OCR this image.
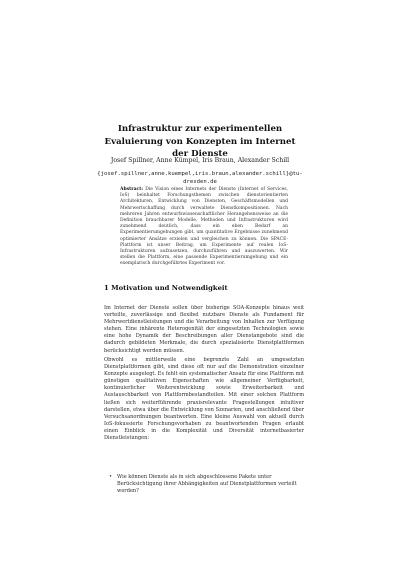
Infrastruktur zur experimentellen Evaluierung von Konzepten im Internet der Dienste
Josef Spillner, Anne Kümpel, Iris Braun, Alexander Schill
{josef.spillner,anne.kuempel,iris.braun,alexander.schill}@tu-dresden.de
Abstract: Die Vision eines Internets der Dienste (Internet of Services, IoS) beinhaltet Forschungsthemen zwischen dienstorientierten Architekturen, Entwicklung von Diensten, Geschäftsmodellen und Mehrwertschaffung durch verwaltete Dienstkompositionen. Nach mehreren Jahren entwurfswissenschaftlicher Herangehensweise an die Definition brauchbarer Modelle, Methoden und Infrastrukturen wird zunehmend deutlich, dass ein eben Bedarf an Experimentierumgebungen gibt, um quantitative Ergebnisse zunehmend optimierter Ansätze erzielen und vergleichen zu können. Die SPACE-Plattform ist unser Beitrag, um Experimente auf realen IoS-Infrastrukturen aufzusetzen, durchzuführen und auszuwerten. Wir stellen die Plattform, eine passende Experimentierumgebung und ein exemplarisch durchgeführtes Experiment vor.
1 Motivation und Notwendigkeit
Im Internet der Dienste sollen über bisherige SOA-Konzepte hinaus weit verteilte, zuverlässige und flexibel nutzbare Dienste als Fundament für Mehrwertdienstleistungen und die Verarbeitung von Inhalten zur Verfügung stehen. Eine inhärente Heterogenität der eingesetzten Technologien sowie eine hohe Dynamik der Beschreibungen aller Dienstangebote sind die dadurch gebildeten Merkmale, die durch spezialisierte Dienstplattformen berücksichtigt werden müssen.
Obwohl es mittlerweile eine begrenzte Zahl an umgesetzten Dienstplattformen gibt, sind diese oft nur auf die Demonstration einzelner Konzepte ausgelegt. Es fehlt ein systematischer Ansatz für eine Plattform mit günstigen qualitativen Eigenschaften wie allgemeiner Verfügbarkeit, kontinuierlicher Weiterentwicklung sowie Erweiterbarkeit und Austauschbarkeit von Plattformbestandteilen. Mit einer solchen Plattform ließen sich weiterführende praxisrelevante Fragestellungen intuitiver darstellen, etwa über die Entwicklung von Szenarien, und anschließend über Versuchsanordnungen beantworten. Eine kleine Auswahl von aktuell durch IoS-fokussierte Forschungsvorhaben zu beantwortenden Fragen erlaubt einen Einblick in die Komplexität und Diversität internetbasierter Dienstleistungen:
• Wie können Dienste als in sich abgeschlossene Pakete unter Berücksichtigung ihrer Abhängigkeiten auf Dienstplattformen verteilt werden?
